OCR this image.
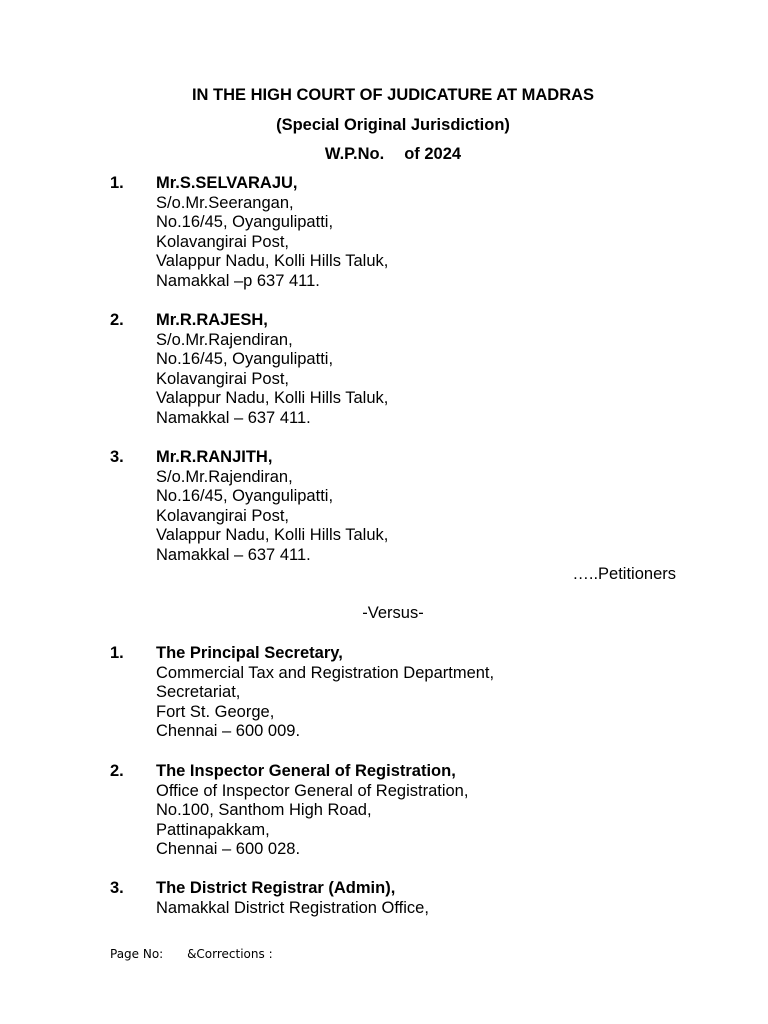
IN THE HIGH COURT OF JUDICATURE AT MADRAS
(Special Original Jurisdiction)
W.P.No. of 2024
1.	Mr.S.SELVARAJU,
S/o.Mr.Seerangan,
No.16/45, Oyangulipatti,
Kolavangirai Post,
Valappur Nadu, Kolli Hills Taluk,
Namakkal –p 637 411.
2.	Mr.R.RAJESH,
S/o.Mr.Rajendiran,
No.16/45, Oyangulipatti,
Kolavangirai Post,
Valappur Nadu, Kolli Hills Taluk,
Namakkal – 637 411.
3.	Mr.R.RANJITH,
S/o.Mr.Rajendiran,
No.16/45, Oyangulipatti,
Kolavangirai Post,
Valappur Nadu, Kolli Hills Taluk,
Namakkal – 637 411.
…..Petitioners
-Versus-
1.	The Principal Secretary,
Commercial Tax and Registration Department,
Secretariat,
Fort St. George,
Chennai – 600 009.
2.	The Inspector General of Registration,
Office of Inspector General of Registration,
No.100, Santhom High Road,
Pattinapakkam,
Chennai – 600 028.
3.	The District Registrar (Admin),
Namakkal District Registration Office,
Page No: &Corrections :
